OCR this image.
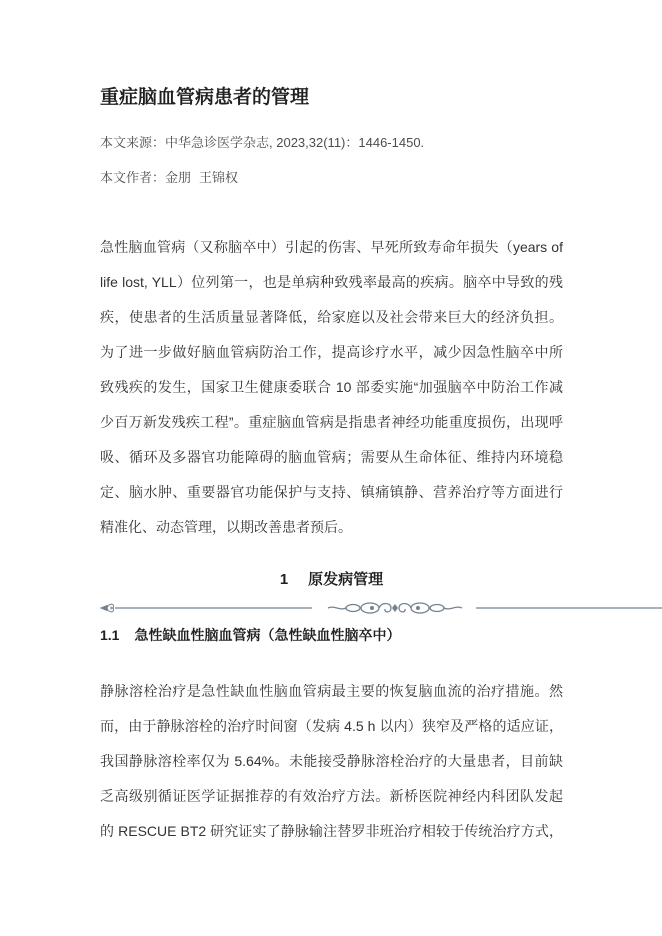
重症脑血管病患者的管理
本文来源：中华急诊医学杂志, 2023,32(11)：1446-1450.
本文作者：金朋 王锦权
急性脑血管病（又称脑卒中）引起的伤害、早死所致寿命年损失（years of
life lost, YLL）位列第一，也是单病种致残率最高的疾病。脑卒中导致的残
疾，使患者的生活质量显著降低，给家庭以及社会带来巨大的经济负担。
为了进一步做好脑血管病防治工作，提高诊疗水平，减少因急性脑卒中所
致残疾的发生，国家卫生健康委联合 10 部委实施“加强脑卒中防治工作减
少百万新发残疾工程”。重症脑血管病是指患者神经功能重度损伤，出现呼
吸、循环及多器官功能障碍的脑血管病；需要从生命体征、维持内环境稳
定、脑水肿、重要器官功能保护与支持、镇痛镇静、营养治疗等方面进行
精准化、动态管理，以期改善患者预后。
1 原发病管理
1.1 急性缺血性脑血管病（急性缺血性脑卒中）
静脉溶栓治疗是急性缺血性脑血管病最主要的恢复脑血流的治疗措施。然
而，由于静脉溶栓的治疗时间窗（发病 4.5 h 以内）狭窄及严格的适应证，
我国静脉溶栓率仅为 5.64%。未能接受静脉溶栓治疗的大量患者，目前缺
乏高级别循证医学证据推荐的有效治疗方法。新桥医院神经内科团队发起
的 RESCUE BT2 研究证实了静脉输注替罗非班治疗相较于传统治疗方式，
